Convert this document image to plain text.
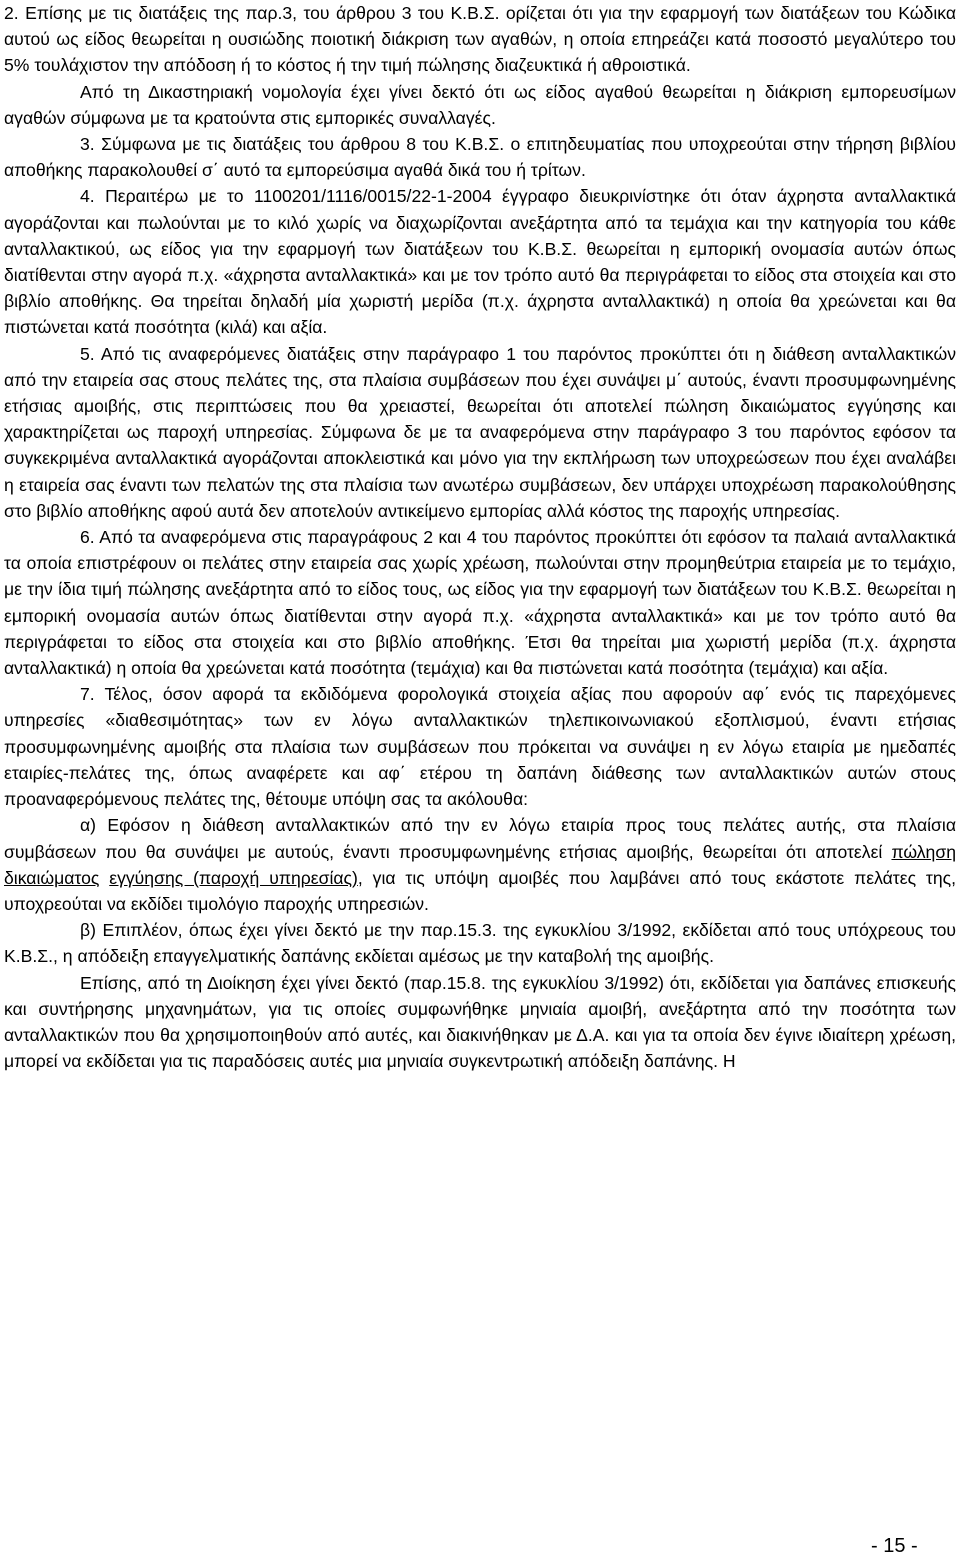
2. Επίσης με τις διατάξεις της παρ.3, του άρθρου 3 του Κ.Β.Σ. ορίζεται ότι για την εφαρμογή των διατάξεων του Κώδικα αυτού ως είδος θεωρείται η ουσιώδης ποιοτική διάκριση των αγαθών, η οποία επηρεάζει κατά ποσοστό μεγαλύτερο του 5% τουλάχιστον την απόδοση ή το κόστος ή την τιμή πώλησης διαζευκτικά ή αθροιστικά.

Από τη Δικαστηριακή νομολογία έχει γίνει δεκτό ότι ως είδος αγαθού θεωρείται η διάκριση εμπορευσίμων αγαθών σύμφωνα με τα κρατούντα στις εμπορικές συναλλαγές.

3. Σύμφωνα με τις διατάξεις του άρθρου 8 του Κ.Β.Σ. ο επιτηδευματίας που υποχρεούται στην τήρηση βιβλίου αποθήκης παρακολουθεί σ΄ αυτό τα εμπορεύσιμα αγαθά δικά του ή τρίτων.

4. Περαιτέρω με το 1100201/1116/0015/22-1-2004 έγγραφο διευκρινίστηκε ότι όταν άχρηστα ανταλλακτικά αγοράζονται και πωλούνται με το κιλό χωρίς να διαχωρίζονται ανεξάρτητα από τα τεμάχια και την κατηγορία του κάθε ανταλλακτικού, ως είδος για την εφαρμογή των διατάξεων του Κ.Β.Σ. θεωρείται η εμπορική ονομασία αυτών όπως διατίθενται στην αγορά π.χ. «άχρηστα ανταλλακτικά» και με τον τρόπο αυτό θα περιγράφεται το είδος στα στοιχεία και στο βιβλίο αποθήκης. Θα τηρείται δηλαδή μία χωριστή μερίδα (π.χ. άχρηστα ανταλλακτικά) η οποία θα χρεώνεται και θα πιστώνεται κατά ποσότητα (κιλά) και αξία.

5. Από τις αναφερόμενες διατάξεις στην παράγραφο 1 του παρόντος προκύπτει ότι η διάθεση ανταλλακτικών από την εταιρεία σας στους πελάτες της, στα πλαίσια συμβάσεων που έχει συνάψει μ΄ αυτούς, έναντι προσυμφωνημένης ετήσιας αμοιβής, στις περιπτώσεις που θα χρειαστεί, θεωρείται ότι αποτελεί πώληση δικαιώματος εγγύησης και χαρακτηρίζεται ως παροχή υπηρεσίας. Σύμφωνα δε με τα αναφερόμενα στην παράγραφο 3 του παρόντος εφόσον τα συγκεκριμένα ανταλλακτικά αγοράζονται αποκλειστικά και μόνο για την εκπλήρωση των υποχρεώσεων που έχει αναλάβει η εταιρεία σας έναντι των πελατών της στα πλαίσια των ανωτέρω συμβάσεων, δεν υπάρχει υποχρέωση παρακολούθησης στο βιβλίο αποθήκης αφού αυτά δεν αποτελούν αντικείμενο εμπορίας αλλά κόστος της παροχής υπηρεσίας.

6. Από τα αναφερόμενα στις παραγράφους 2 και 4 του παρόντος προκύπτει ότι εφόσον τα παλαιά ανταλλακτικά τα οποία επιστρέφουν οι πελάτες στην εταιρεία σας χωρίς χρέωση, πωλούνται στην προμηθεύτρια εταιρεία με το τεμάχιο, με την ίδια τιμή πώλησης ανεξάρτητα από το είδος τους, ως είδος για την εφαρμογή των διατάξεων του Κ.Β.Σ. θεωρείται η εμπορική ονομασία αυτών όπως διατίθενται στην αγορά π.χ. «άχρηστα ανταλλακτικά» και με τον τρόπο αυτό θα περιγράφεται το είδος στα στοιχεία και στο βιβλίο αποθήκης. Έτσι θα τηρείται μια χωριστή μερίδα (π.χ. άχρηστα ανταλλακτικά) η οποία θα χρεώνεται κατά ποσότητα (τεμάχια) και θα πιστώνεται κατά ποσότητα (τεμάχια) και αξία.

7. Τέλος, όσον αφορά τα εκδιδόμενα φορολογικά στοιχεία αξίας που αφορούν αφ΄ ενός τις παρεχόμενες υπηρεσίες «διαθεσιμότητας» των εν λόγω ανταλλακτικών τηλεπικοινωνιακού εξοπλισμού, έναντι ετήσιας προσυμφωνημένης αμοιβής στα πλαίσια των συμβάσεων που πρόκειται να συνάψει η εν λόγω εταιρία με ημεδαπές εταιρίες-πελάτες της, όπως αναφέρετε και αφ΄ ετέρου τη δαπάνη διάθεσης των ανταλλακτικών αυτών στους προαναφερόμενους πελάτες της, θέτουμε υπόψη σας τα ακόλουθα:

α) Εφόσον η διάθεση ανταλλακτικών από την εν λόγω εταιρία προς τους πελάτες αυτής, στα πλαίσια συμβάσεων που θα συνάψει με αυτούς, έναντι προσυμφωνημένης ετήσιας αμοιβής, θεωρείται ότι αποτελεί πώληση δικαιώματος εγγύησης (παροχή υπηρεσίας), για τις υπόψη αμοιβές που λαμβάνει από τους εκάστοτε πελάτες της, υποχρεούται να εκδίδει τιμολόγιο παροχής υπηρεσιών.

β) Επιπλέον, όπως έχει γίνει δεκτό με την παρ.15.3. της εγκυκλίου 3/1992, εκδίδεται από τους υπόχρεους του Κ.Β.Σ., η απόδειξη επαγγελματικής δαπάνης εκδίεται αμέσως με την καταβολή της αμοιβής.

Επίσης, από τη Διοίκηση έχει γίνει δεκτό (παρ.15.8. της εγκυκλίου 3/1992) ότι, εκδίδεται για δαπάνες επισκευής και συντήρησης μηχανημάτων, για τις οποίες συμφωνήθηκε μηνιαία αμοιβή, ανεξάρτητα από την ποσότητα των ανταλλακτικών που θα χρησιμοποιηθούν από αυτές, και διακινήθηκαν με Δ.Α. και για τα οποία δεν έγινε ιδιαίτερη χρέωση, μπορεί να εκδίδεται για τις παραδόσεις αυτές μια μηνιαία συγκεντρωτική απόδειξη δαπάνης. Η

- 15 -
